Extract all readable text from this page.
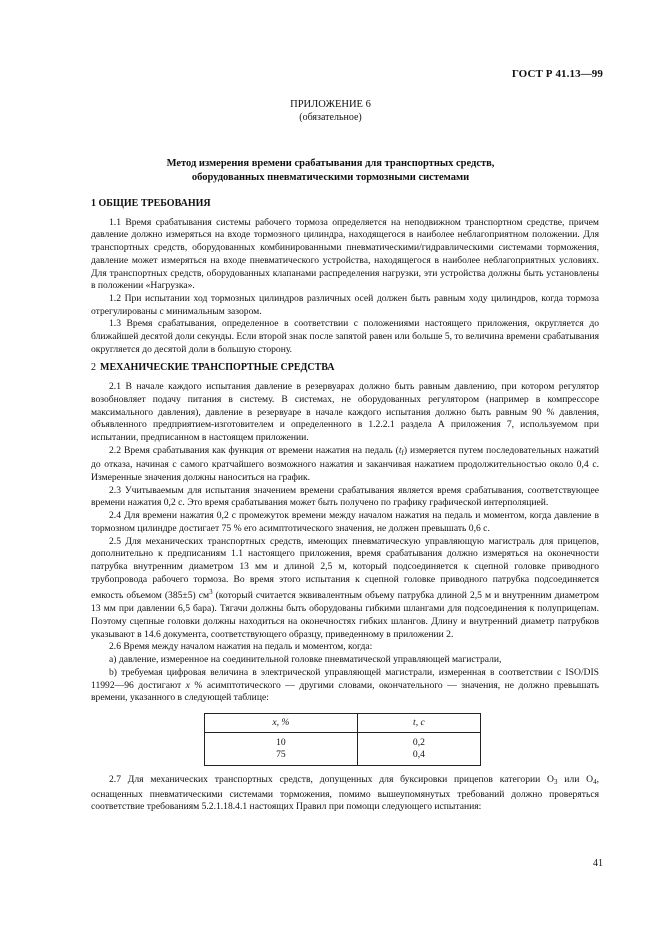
ГОСТ Р 41.13—99
ПРИЛОЖЕНИЕ 6
(обязательное)
Метод измерения времени срабатывания для транспортных средств,
оборудованных пневматическими тормозными системами
1 ОБЩИЕ ТРЕБОВАНИЯ

1.1 Время срабатывания системы рабочего тормоза определяется на неподвижном транспортном средстве, причем давление должно измеряться на входе тормозного цилиндра, находящегося в наиболее неблагоприятном положении. Для транспортных средств, оборудованных комбинированными пневматическими/гидравлическими системами торможения, давление может измеряться на входе пневматического устройства, находящегося в наиболее неблагоприятных условиях. Для транспортных средств, оборудованных клапанами распределения нагрузки, эти устройства должны быть установлены в положении «Нагрузка».

1.2 При испытании ход тормозных цилиндров различных осей должен быть равным ходу цилиндров, когда тормоза отрегулированы с минимальным зазором.

1.3 Время срабатывания, определенное в соответствии с положениями настоящего приложения, округляется до ближайшей десятой доли секунды. Если второй знак после запятой равен или больше 5, то величина времени срабатывания округляется до десятой доли в большую сторону.

2 МЕХАНИЧЕСКИЕ ТРАНСПОРТНЫЕ СРЕДСТВА

2.1 В начале каждого испытания давление в резервуарах должно быть равным давлению, при котором регулятор возобновляет подачу питания в систему. В системах, не оборудованных регулятором (например в компрессоре максимального давления), давление в резервуаре в начале каждого испытания должно быть равным 90 % давления, объявленного предприятием-изготовителем и определенного в 1.2.2.1 раздела А приложения 7, используемом при испытании, предписанном в настоящем приложении.

2.2 Время срабатывания как функция от времени нажатия на педаль $(t_f)$ измеряется путем последовательных нажатий до отказа, начиная с самого кратчайшего возможного нажатия и заканчивая нажатием продолжительностью около 0,4 с. Измеренные значения должны наноситься на график.

2.3 Учитываемым для испытания значением времени срабатывания является время срабатывания, соответствующее времени нажатия 0,2 с. Это время срабатывания может быть получено по графику графической интерполяцией.

2.4 Для времени нажатия 0,2 с промежуток времени между началом нажатия на педаль и моментом, когда давление в тормозном цилиндре достигает 75 % его асимптотического значения, не должен превышать 0,6 с.

2.5 Для механических транспортных средств, имеющих пневматическую управляющую магистраль для прицепов, дополнительно к предписаниям 1.1 настоящего приложения, время срабатывания должно измеряться на оконечности патрубка внутренним диаметром 13 мм и длиной 2,5 м, который подсоединяется к сцепной головке приводного трубопровода рабочего тормоза. Во время этого испытания к сцепной головке приводного патрубка подсоединяется емкость объемом (385±5) $см^3$ (который считается эквивалентным объему патрубка длиной 2,5 м и внутренним диаметром 13 мм при давлении 6,5 бара). Тягачи должны быть оборудованы гибкими шлангами для подсоединения к полуприцепам. Поэтому сцепные головки должны находиться на оконечностях гибких шлангов. Длину и внутренний диаметр патрубков указывают в 14.6 документа, соответствующего образцу, приведенному в приложении 2.

2.6 Время между началом нажатия на педаль и моментом, когда:

а) давление, измеренное на соединительной головке пневматической управляющей магистрали,

b) требуемая цифровая величина в электрической управляющей магистрали, измеренная в соответствии с ISO/DIS 11992—96 достигают х % асимптотического — другими словами, окончательного — значения, не должно превышать времени, указанного в следующей таблице:

х, %	t, с
10	0,2
75	0,4

2.7 Для механических транспортных средств, допущенных для буксировки прицепов категории $О_3$ или $О_4$, оснащенных пневматическими системами торможения, помимо вышеупомянутых требований должно проверяться соответствие требованиям 5.2.1.18.4.1 настоящих Правил при помощи следующего испытания:

41
